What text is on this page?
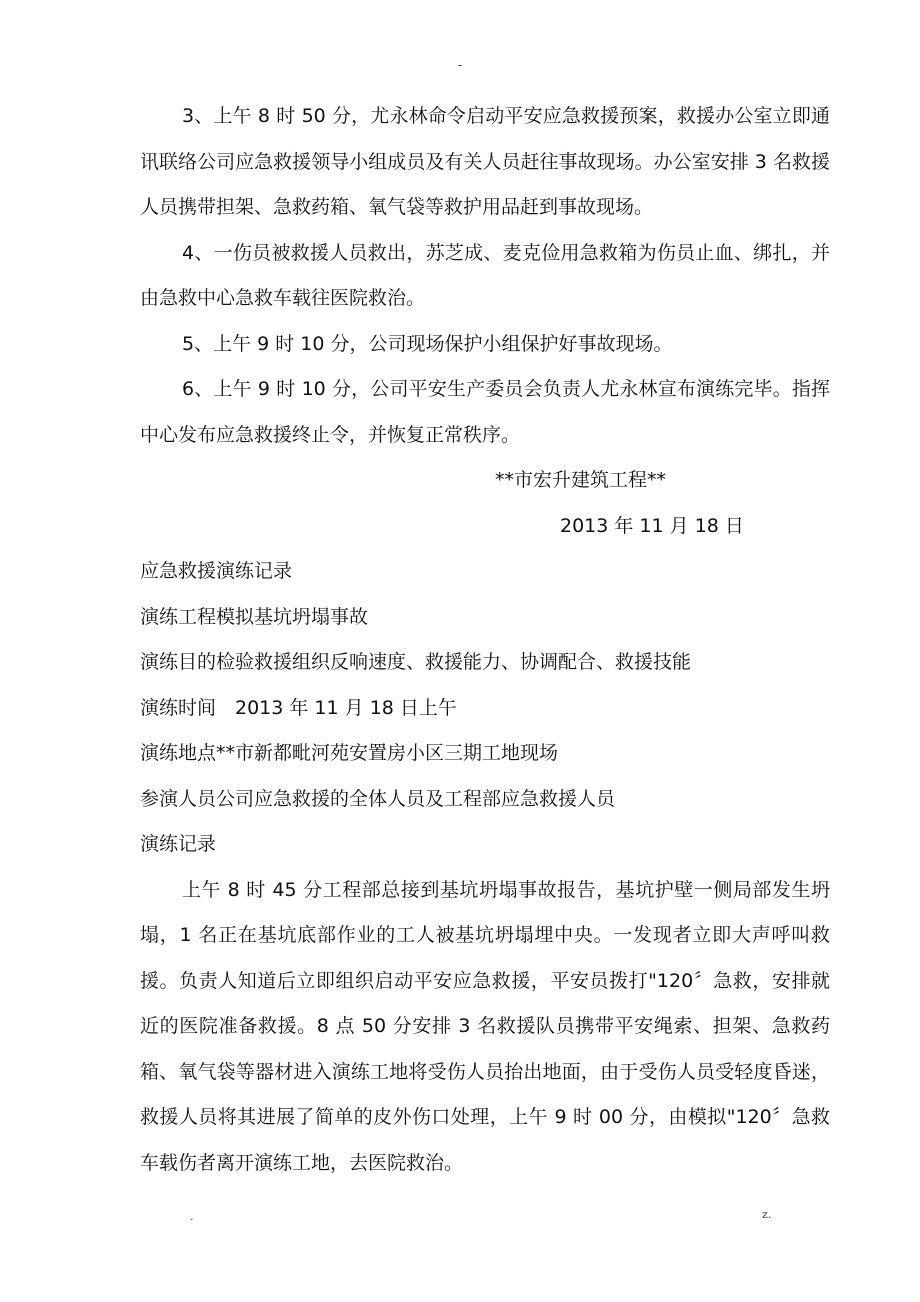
-

3、上午 8 时 50 分，尤永林命令启动平安应急救援预案，救援办公室立即通讯联络公司应急救援领导小组成员及有关人员赶往事故现场。办公室安排 3 名救援人员携带担架、急救药箱、氧气袋等救护用品赶到事故现场。

4、一伤员被救援人员救出，苏芝成、麦克俭用急救箱为伤员止血、绑扎，并由急救中心急救车载往医院救治。

5、上午 9 时 10 分，公司现场保护小组保护好事故现场。

6、上午 9 时 10 分，公司平安生产委员会负责人尤永林宣布演练完毕。指挥中心发布应急救援终止令，并恢复正常秩序。

**市宏升建筑工程**

2013 年 11 月 18 日

应急救援演练记录

演练工程模拟基坑坍塌事故

演练目的检验救援组织反响速度、救援能力、协调配合、救援技能

演练时间　2013 年 11 月 18 日上午

演练地点**市新都毗河苑安置房小区三期工地现场

参演人员公司应急救援的全体人员及工程部应急救援人员

演练记录

上午 8 时 45 分工程部总接到基坑坍塌事故报告，基坑护壁一侧局部发生坍塌，1 名正在基坑底部作业的工人被基坑坍塌埋中央。一发现者立即大声呼叫救援。负责人知道后立即组织启动平安应急救援，平安员拨打"120〞急救，安排就近的医院准备救援。8 点 50 分安排 3 名救援队员携带平安绳索、担架、急救药箱、氧气袋等器材进入演练工地将受伤人员抬出地面，由于受伤人员受轻度昏迷，救援人员将其进展了简单的皮外伤口处理，上午 9 时 00 分，由模拟"120〞急救车载伤者离开演练工地，去医院救治。

.	z.
